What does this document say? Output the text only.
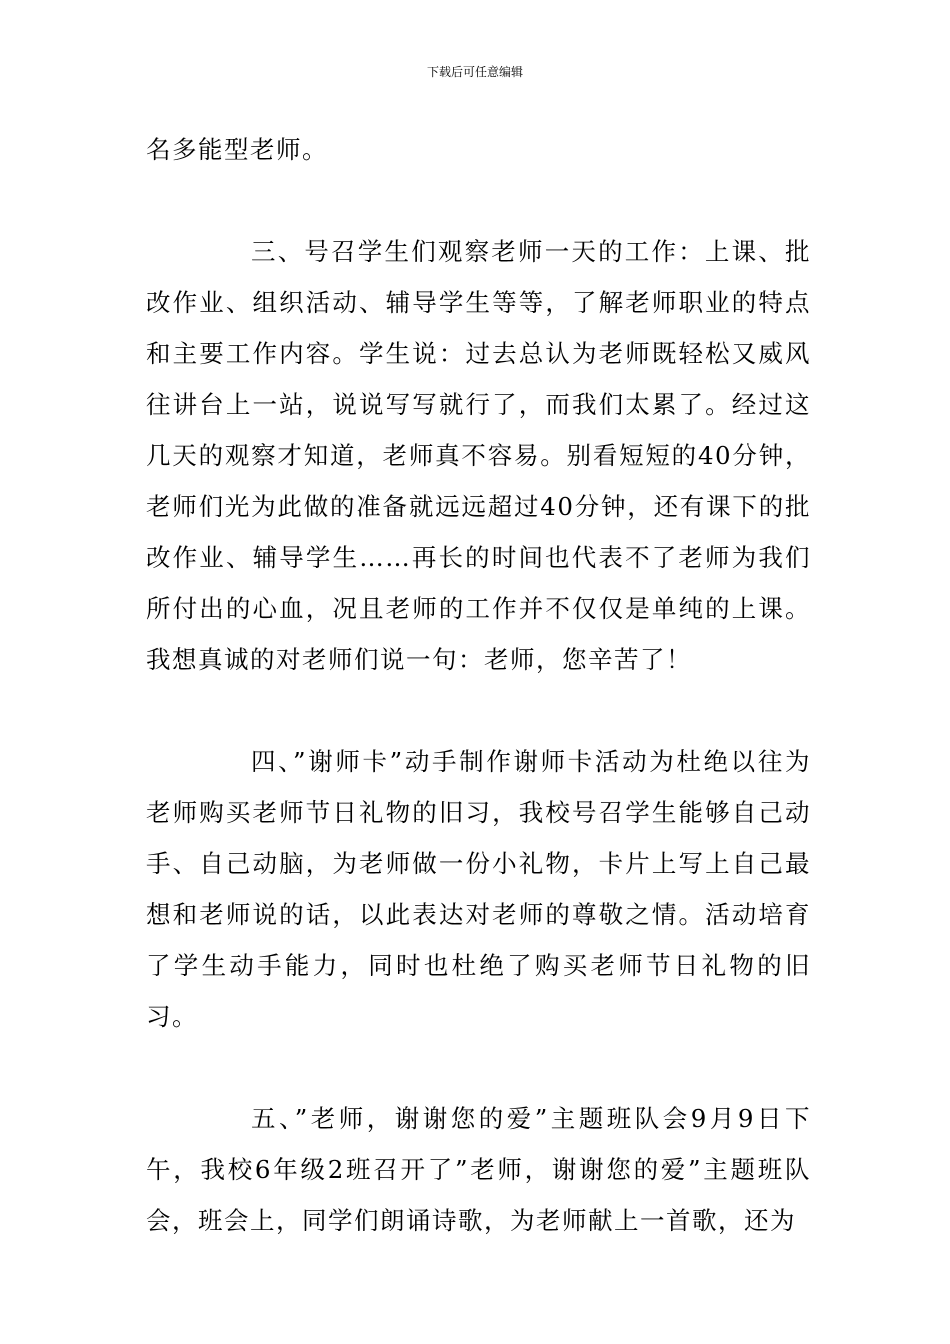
下载后可任意编辑

名多能型老师。

三、号召学生们观察老师一天的工作：上课、批改作业、组织活动、辅导学生等等，了解老师职业的特点和主要工作内容。学生说：过去总认为老师既轻松又威风往讲台上一站，说说写写就行了，而我们太累了。经过这几天的观察才知道，老师真不容易。别看短短的40分钟，老师们光为此做的准备就远远超过40分钟，还有课下的批改作业、辅导学生……再长的时间也代表不了老师为我们所付出的心血，况且老师的工作并不仅仅是单纯的上课。我想真诚的对老师们说一句：老师，您辛苦了！

四、”谢师卡”动手制作谢师卡活动为杜绝以往为老师购买老师节日礼物的旧习，我校号召学生能够自己动手、自己动脑，为老师做一份小礼物，卡片上写上自己最想和老师说的话，以此表达对老师的尊敬之情。活动培育了学生动手能力，同时也杜绝了购买老师节日礼物的旧习。

五、”老师，谢谢您的爱”主题班队会9月9日下午，我校6年级2班召开了”老师，谢谢您的爱”主题班队会，班会上，同学们朗诵诗歌，为老师献上一首歌，还为
